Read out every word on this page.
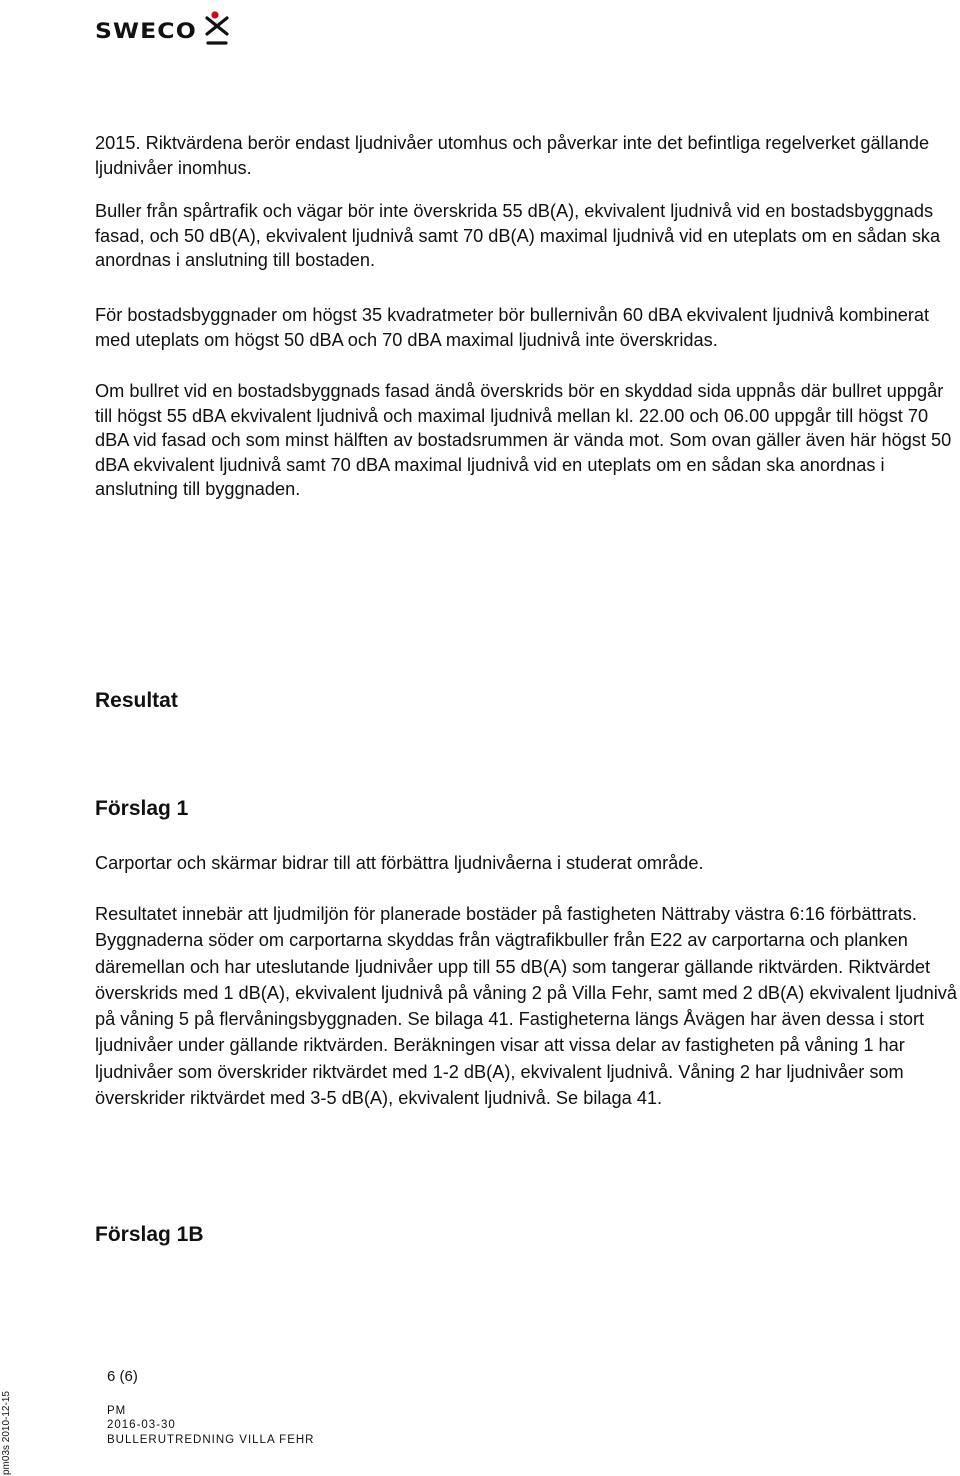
SWECO

2015. Riktvärdena berör endast ljudnivåer utomhus och påverkar inte det befintliga regelverket gällande ljudnivåer inomhus.

Buller från spårtrafik och vägar bör inte överskrida 55 dB(A), ekvivalent ljudnivå vid en bostadsbyggnads fasad, och 50 dB(A), ekvivalent ljudnivå samt 70 dB(A) maximal ljudnivå vid en uteplats om en sådan ska anordnas i anslutning till bostaden.

För bostadsbyggnader om högst 35 kvadratmeter bör bullernivån 60 dBA ekvivalent ljudnivå kombinerat med uteplats om högst 50 dBA och 70 dBA maximal ljudnivå inte överskridas.

Om bullret vid en bostadsbyggnads fasad ändå överskrids bör en skyddad sida uppnås där bullret uppgår till högst 55 dBA ekvivalent ljudnivå och maximal ljudnivå mellan kl. 22.00 och 06.00 uppgår till högst 70 dBA vid fasad och som minst hälften av bostadsrummen är vända mot. Som ovan gäller även här högst 50 dBA ekvivalent ljudnivå samt 70 dBA maximal ljudnivå vid en uteplats om en sådan ska anordnas i anslutning till byggnaden.

Resultat
Förslag 1

Carportar och skärmar bidrar till att förbättra ljudnivåerna i studerat område.

Resultatet innebär att ljudmiljön för planerade bostäder på fastigheten Nättraby västra 6:16 förbättrats. Byggnaderna söder om carportarna skyddas från vägtrafikbuller från E22 av carportarna och planken däremellan och har uteslutande ljudnivåer upp till 55 dB(A) som tangerar gällande riktvärden. Riktvärdet överskrids med 1 dB(A), ekvivalent ljudnivå på våning 2 på Villa Fehr, samt med 2 dB(A) ekvivalent ljudnivå på våning 5 på flervåningsbyggnaden. Se bilaga 41. Fastigheterna längs Åvägen har även dessa i stort ljudnivåer under gällande riktvärden. Beräkningen visar att vissa delar av fastigheten på våning 1 har ljudnivåer som överskrider riktvärdet med 1-2 dB(A), ekvivalent ljudnivå. Våning 2 har ljudnivåer som överskrider riktvärdet med 3-5 dB(A), ekvivalent ljudnivå. Se bilaga 41.

Förslag 1B
6 (6)
PM
2016-03-30
BULLERUTREDNING VILLA FEHR
pm03s 2010-12-15
